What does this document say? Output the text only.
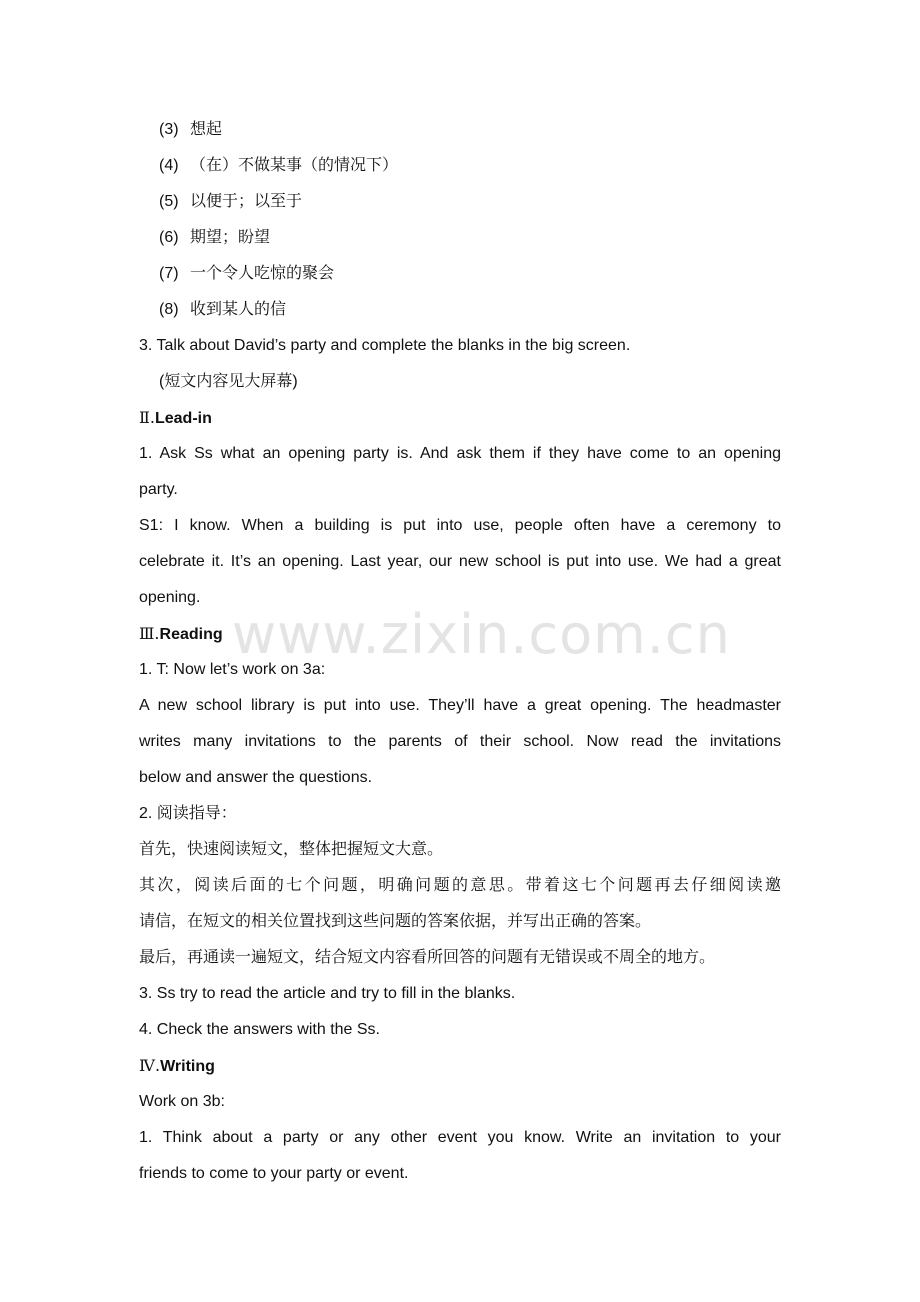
(3) 想起
(4) （在）不做某事（的情况下）
(5) 以便于；以至于
(6) 期望；盼望
(7) 一个令人吃惊的聚会
(8) 收到某人的信
3. Talk about David’s party and complete the blanks in the big screen.
(短文内容见大屏幕)
Ⅱ.Lead-in
1. Ask Ss what an opening party is. And ask them if they have come to an opening
party.
S1: I know. When a building is put into use, people often have a ceremony to
celebrate it. It’s an opening. Last year, our new school is put into use. We had a great
opening.
Ⅲ.Reading
1. T: Now let’s work on 3a:
A new school library is put into use. They’ll have a great opening. The headmaster
writes many invitations to the parents of their school. Now read the invitations
below and answer the questions.
2. 阅读指导：
首先，快速阅读短文，整体把握短文大意。
其次，阅读后面的七个问题，明确问题的意思。带着这七个问题再去仔细阅读邀
请信，在短文的相关位置找到这些问题的答案依据，并写出正确的答案。
最后，再通读一遍短文，结合短文内容看所回答的问题有无错误或不周全的地方。
3. Ss try to read the article and try to fill in the blanks.
4. Check the answers with the Ss.
Ⅳ.Writing
Work on 3b:
1. Think about a party or any other event you know. Write an invitation to your
friends to come to your party or event.
www.zixin.com.cn
